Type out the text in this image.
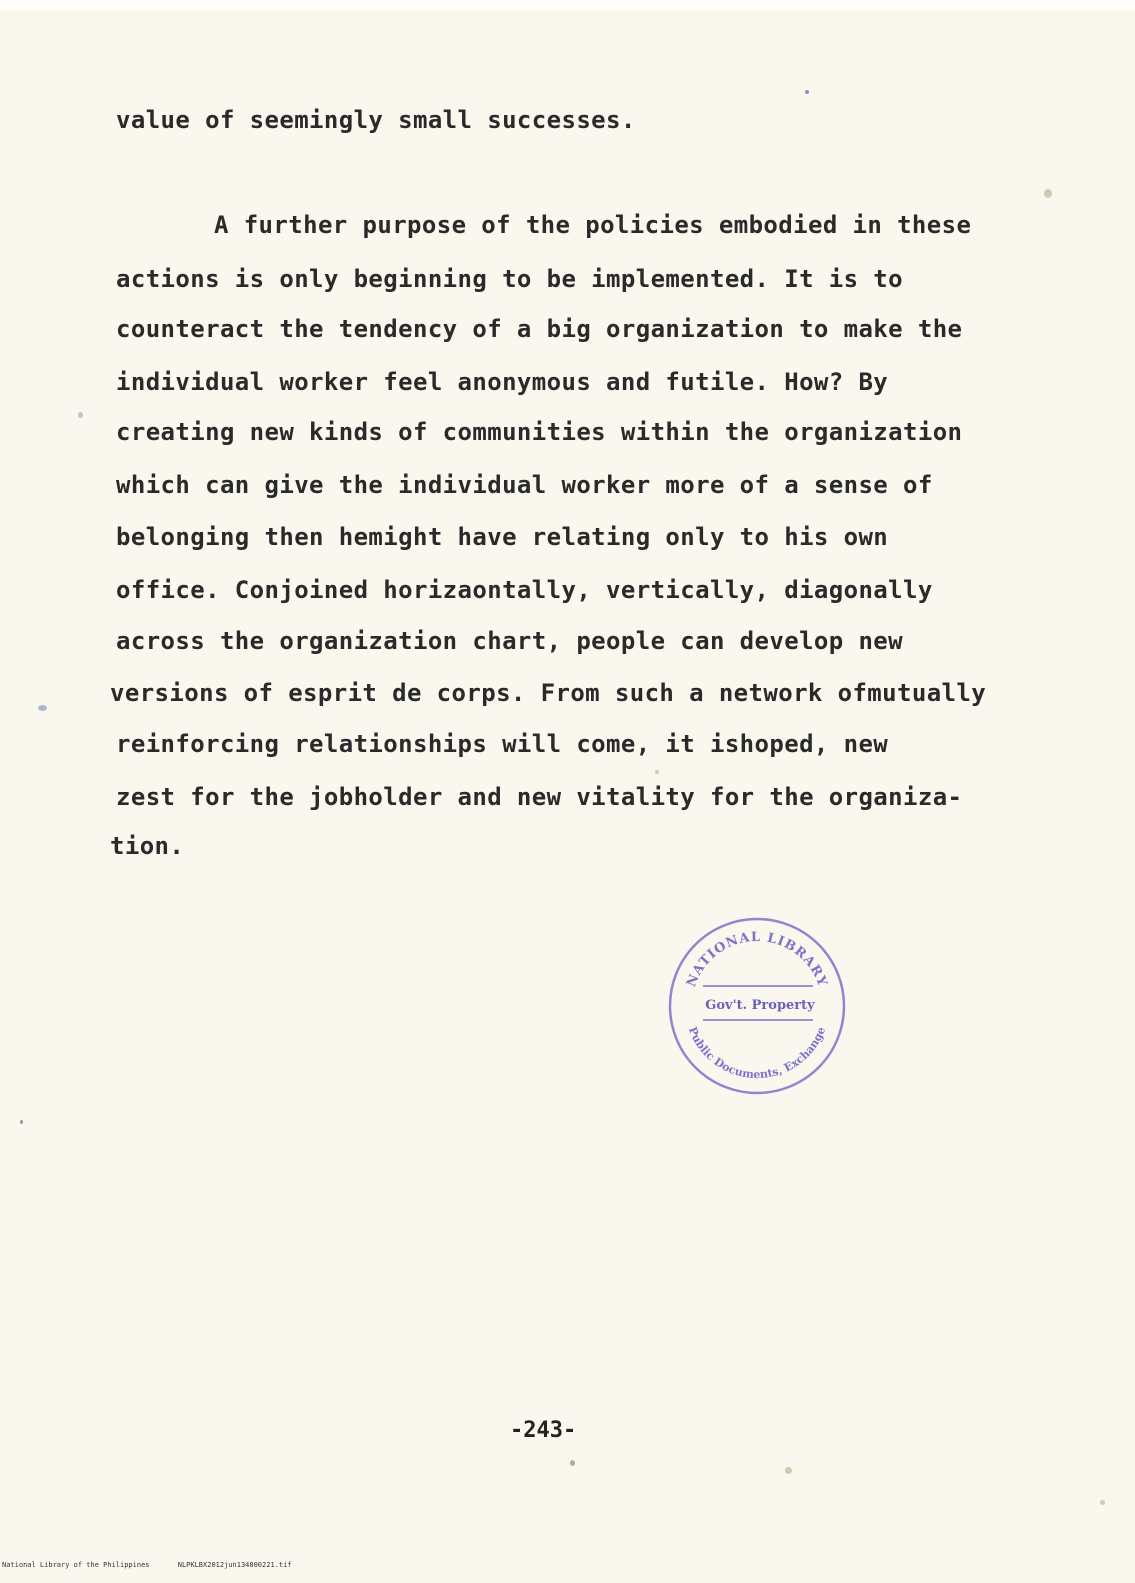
value of seemingly small successes.
A further purpose of the policies embodied in these
actions is only beginning to be implemented. It is to
counteract the tendency of a big organization to make the
individual worker feel anonymous and futile. How? By
creating new kinds of communities within the organization
which can give the individual worker more of a sense of
belonging then hemight have relating only to his own
office. Conjoined horizaontally, vertically, diagonally
across the organization chart, people can develop new
versions of esprit de corps. From such a network ofmutually
reinforcing relationships will come, it ishoped, new
zest for the jobholder and new vitality for the organiza-
tion.
NATIONAL LIBRARY
Public Documents, Exchange
Gov't. Property
-243-
National Library of the Philippines	NLPKLBX2012jun134800221.tif
